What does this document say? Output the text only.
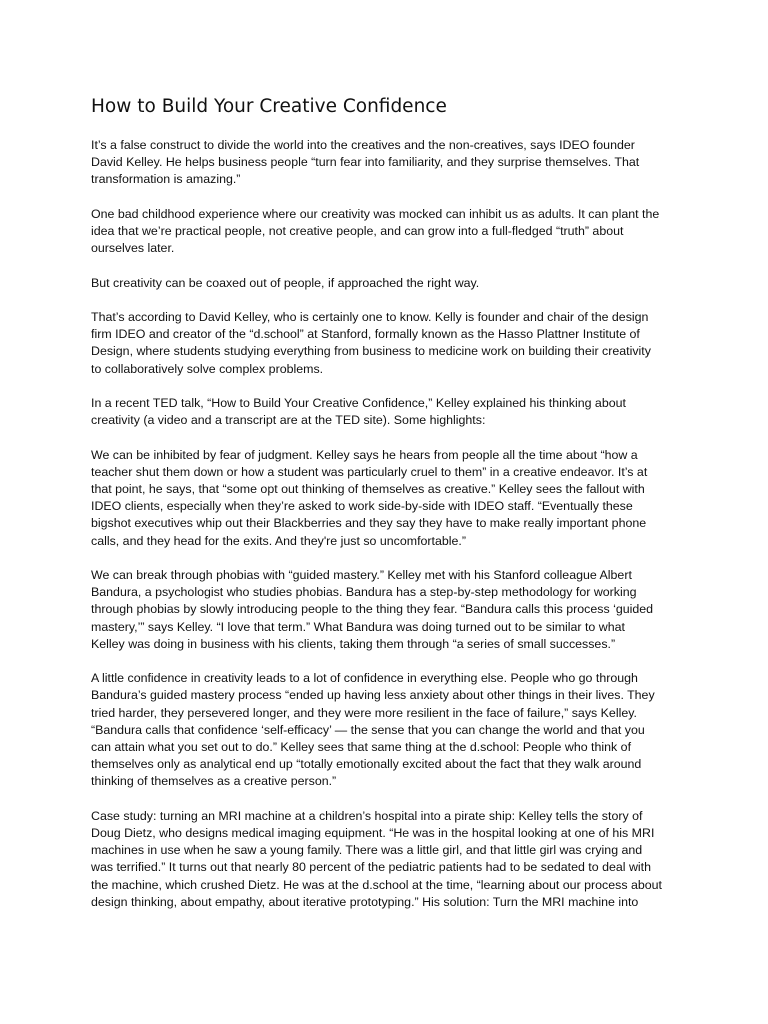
How to Build Your Creative Confidence

It’s a false construct to divide the world into the creatives and the non-creatives, says IDEO founder
David Kelley. He helps business people “turn fear into familiarity, and they surprise themselves. That
transformation is amazing.”

One bad childhood experience where our creativity was mocked can inhibit us as adults. It can plant the
idea that we’re practical people, not creative people, and can grow into a full-fledged “truth” about
ourselves later.

But creativity can be coaxed out of people, if approached the right way.

That’s according to David Kelley, who is certainly one to know. Kelly is founder and chair of the design
firm IDEO and creator of the “d.school” at Stanford, formally known as the Hasso Plattner Institute of
Design, where students studying everything from business to medicine work on building their creativity
to collaboratively solve complex problems.

In a recent TED talk, “How to Build Your Creative Confidence,” Kelley explained his thinking about
creativity (a video and a transcript are at the TED site). Some highlights:

We can be inhibited by fear of judgment. Kelley says he hears from people all the time about “how a
teacher shut them down or how a student was particularly cruel to them” in a creative endeavor. It’s at
that point, he says, that “some opt out thinking of themselves as creative.” Kelley sees the fallout with
IDEO clients, especially when they’re asked to work side-by-side with IDEO staff. “Eventually these
bigshot executives whip out their Blackberries and they say they have to make really important phone
calls, and they head for the exits. And they're just so uncomfortable.”

We can break through phobias with “guided mastery.” Kelley met with his Stanford colleague Albert
Bandura, a psychologist who studies phobias. Bandura has a step-by-step methodology for working
through phobias by slowly introducing people to the thing they fear. “Bandura calls this process ‘guided
mastery,’” says Kelley. “I love that term.” What Bandura was doing turned out to be similar to what
Kelley was doing in business with his clients, taking them through “a series of small successes.”

A little confidence in creativity leads to a lot of confidence in everything else. People who go through
Bandura’s guided mastery process “ended up having less anxiety about other things in their lives. They
tried harder, they persevered longer, and they were more resilient in the face of failure,” says Kelley.
“Bandura calls that confidence ‘self-efficacy’ — the sense that you can change the world and that you
can attain what you set out to do.” Kelley sees that same thing at the d.school: People who think of
themselves only as analytical end up “totally emotionally excited about the fact that they walk around
thinking of themselves as a creative person.”

Case study: turning an MRI machine at a children’s hospital into a pirate ship: Kelley tells the story of
Doug Dietz, who designs medical imaging equipment. “He was in the hospital looking at one of his MRI
machines in use when he saw a young family. There was a little girl, and that little girl was crying and
was terrified.” It turns out that nearly 80 percent of the pediatric patients had to be sedated to deal with
the machine, which crushed Dietz. He was at the d.school at the time, “learning about our process about
design thinking, about empathy, about iterative prototyping.” His solution: Turn the MRI machine into
